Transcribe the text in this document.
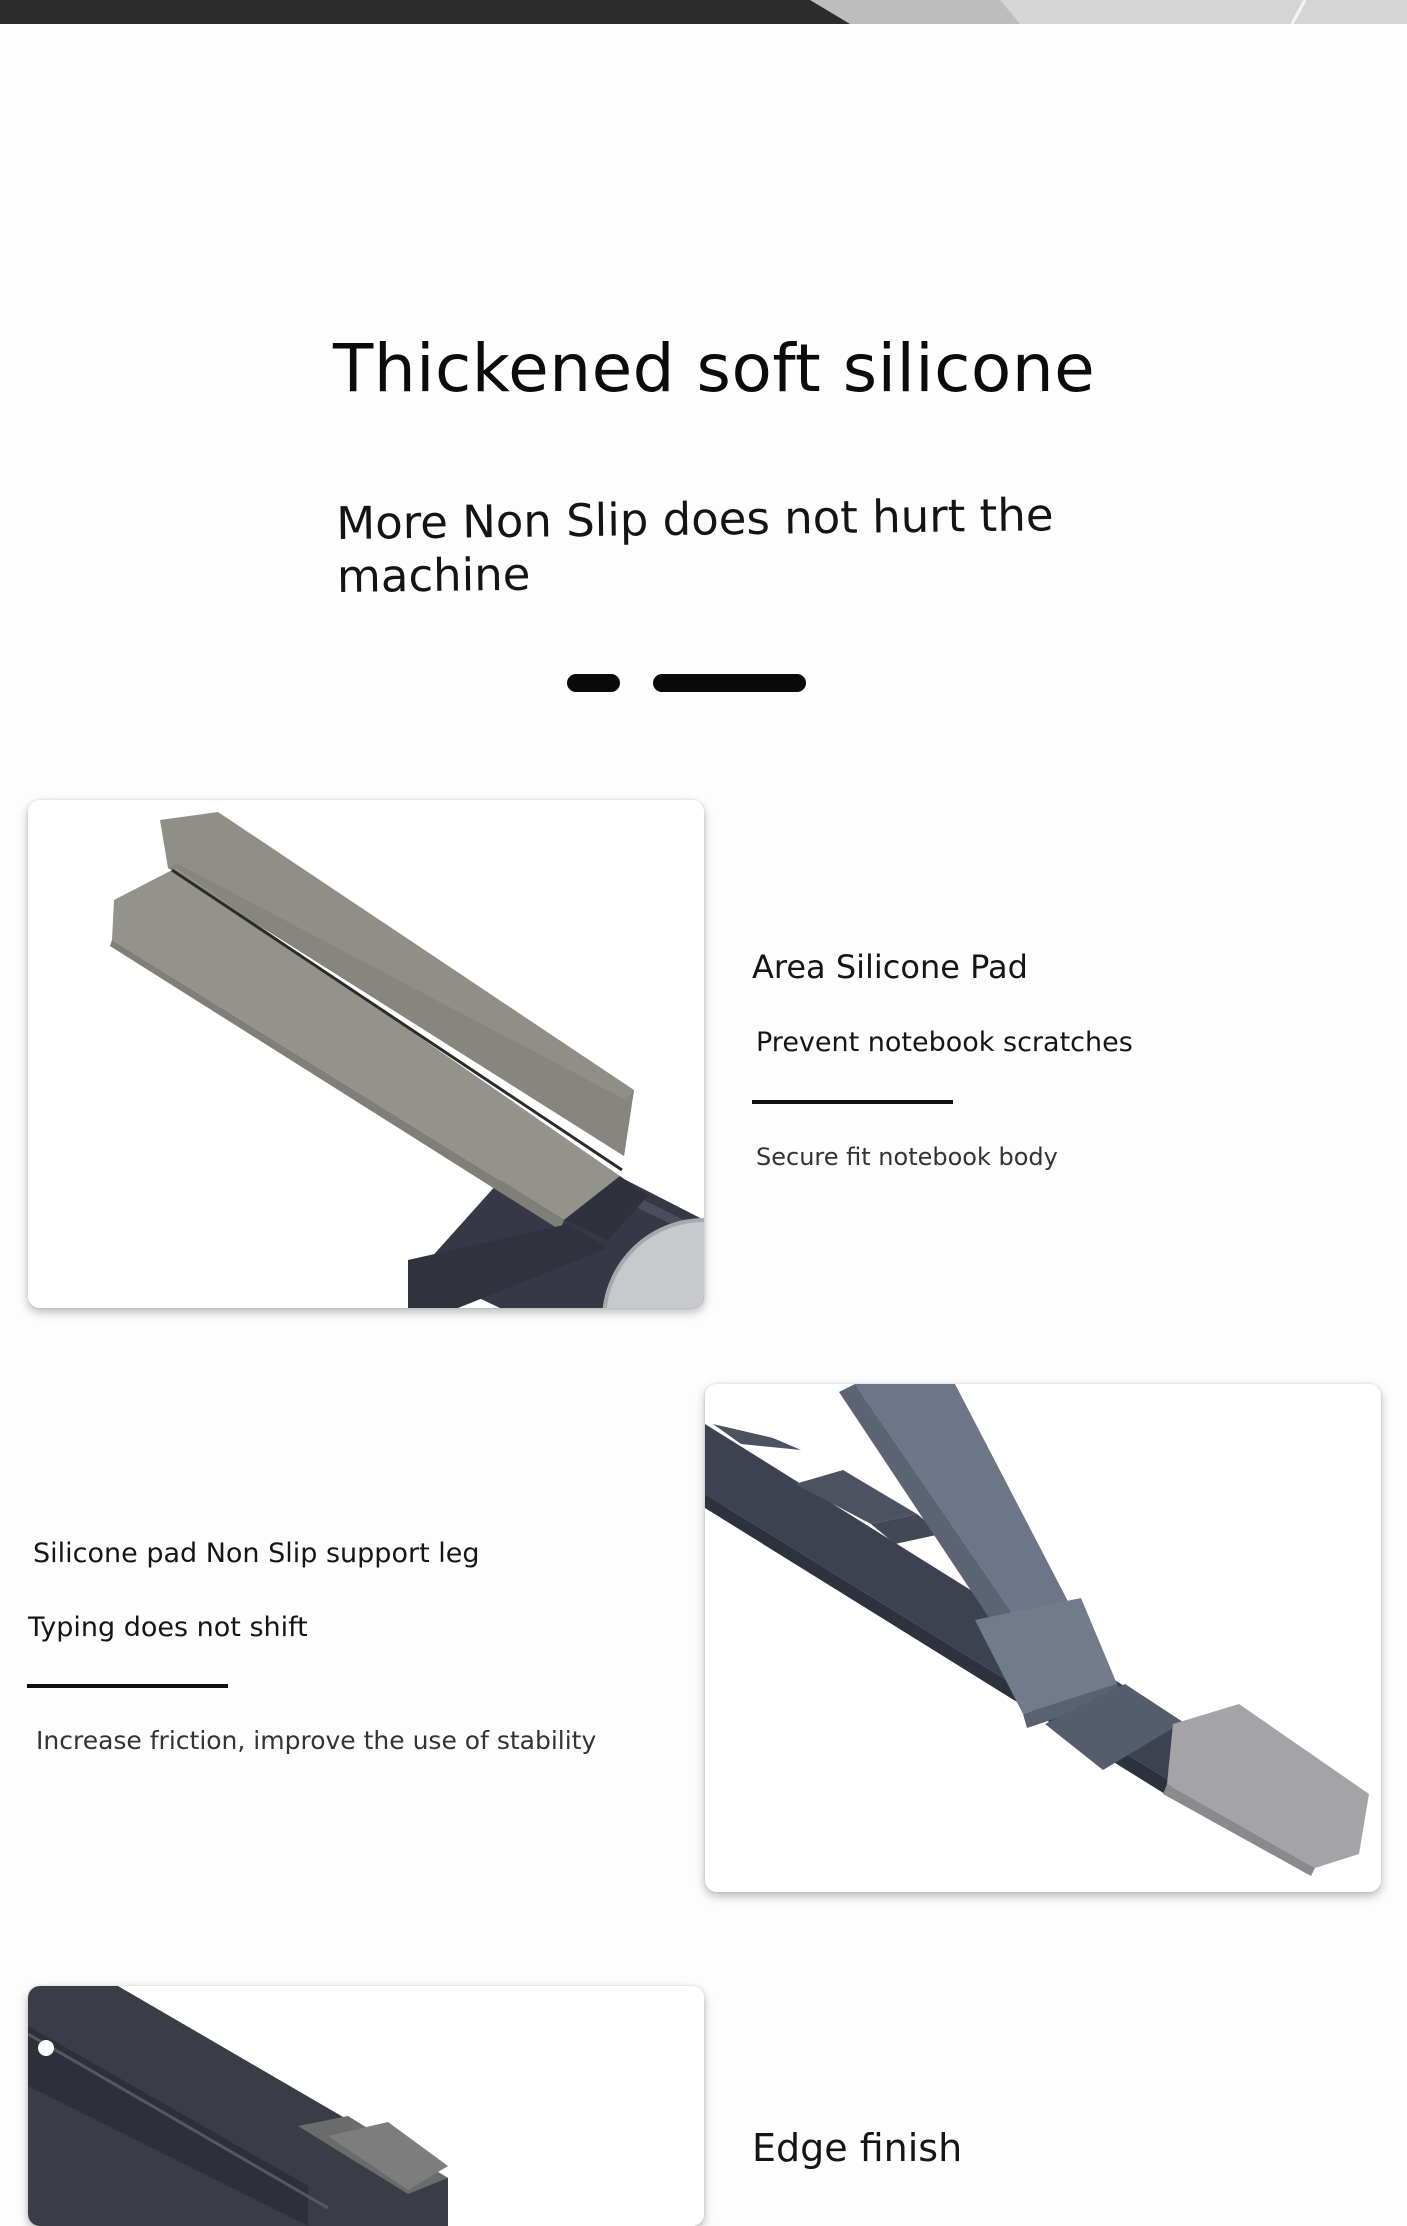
Thickened soft silicone
More Non Slip does not hurt the machine
Area Silicone Pad
Prevent notebook scratches
Secure fit notebook body
Silicone pad Non Slip support leg
Typing does not shift
Increase friction, improve the use of stability
Edge finish
